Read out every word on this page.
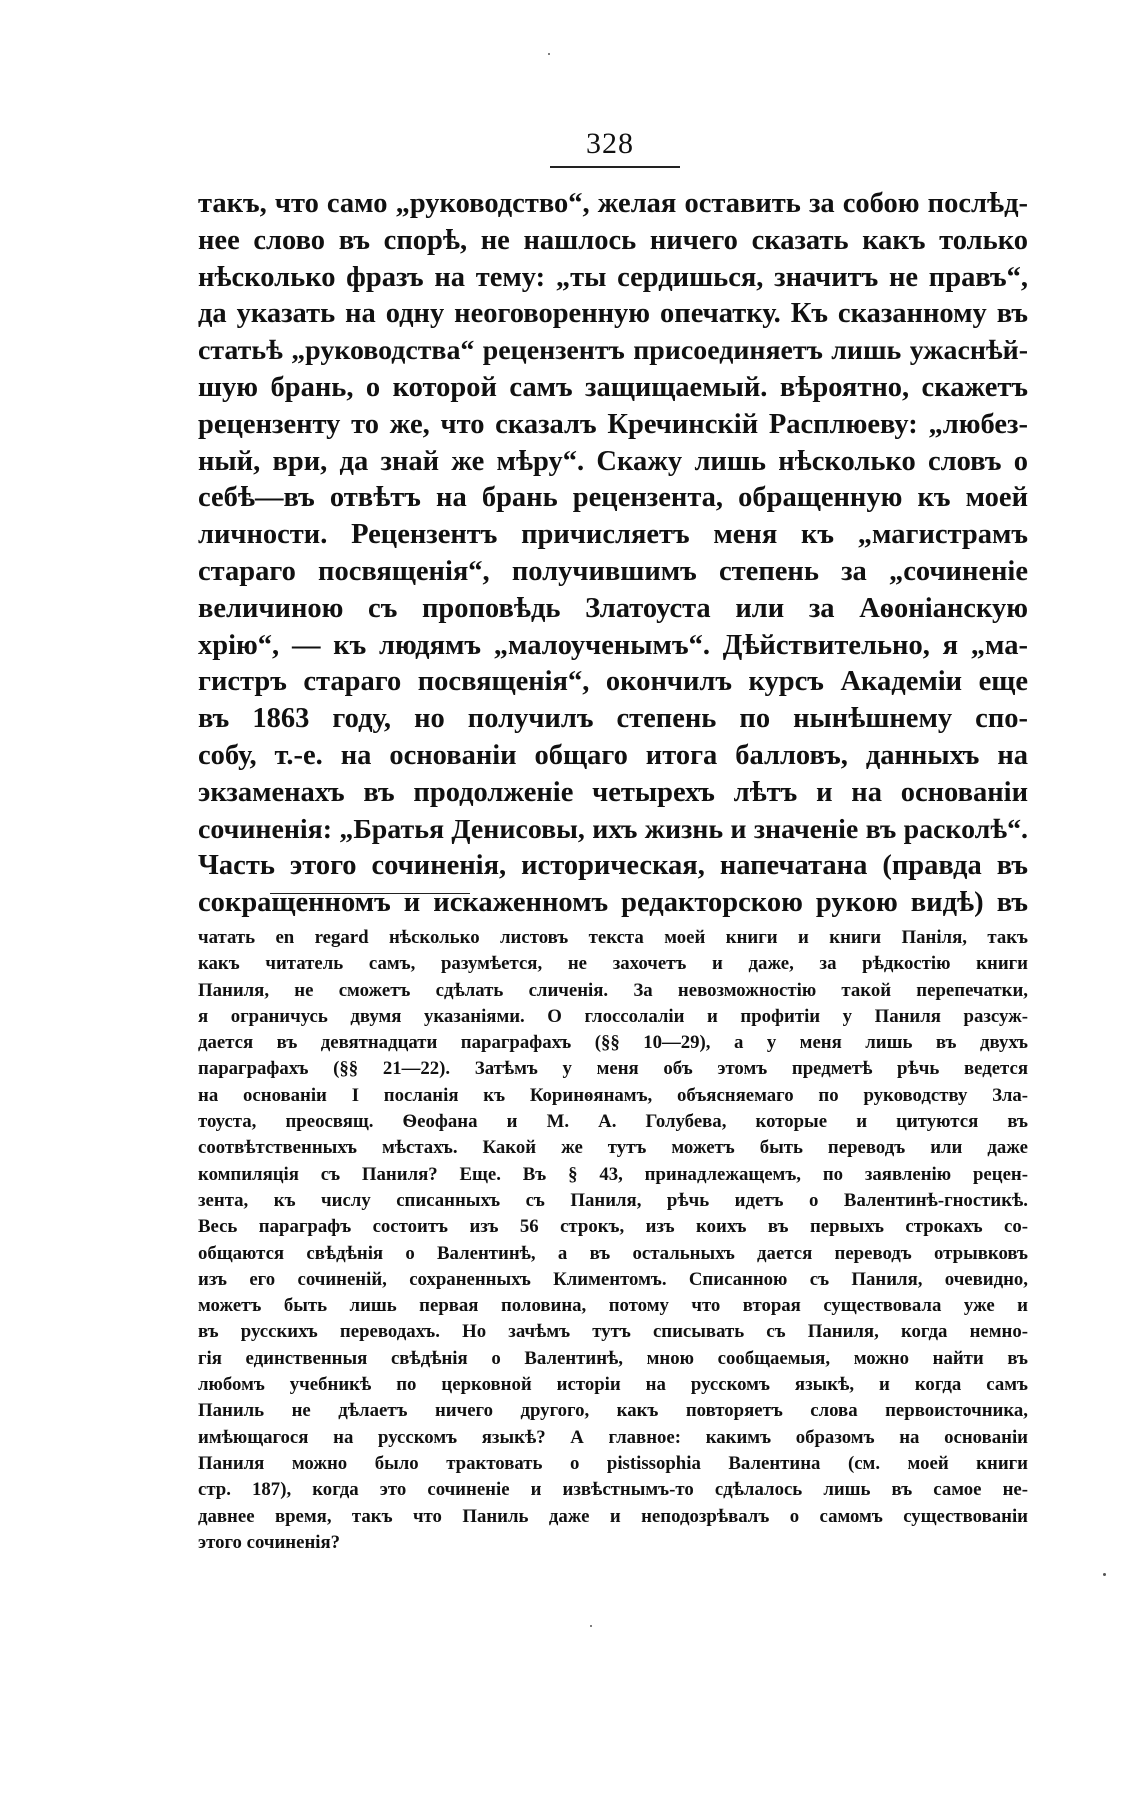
328
такъ, что само „руководство“, желая оставить за собою послѣд-
нее слово въ спорѣ, не нашлось ничего сказать какъ только
нѣсколько фразъ на тему: „ты сердишься, значитъ не правъ“,
да указать на одну неоговоренную опечатку. Къ сказанному въ
статьѣ „руководства“ рецензентъ присоединяетъ лишь ужаснѣй-
шую брань, о которой самъ защищаемый. вѣроятно, скажетъ
рецензенту то же, что сказалъ Кречинскій Расплюеву: „любез-
ный, ври, да знай же мѣру“. Скажу лишь нѣсколько словъ о
себѣ—въ отвѣтъ на брань рецензента, обращенную къ моей
личности. Рецензентъ причисляетъ меня къ „магистрамъ
стараго посвященія“, получившимъ степень за „сочиненіе
величиною съ проповѣдь Златоуста или за Аѳоніанскую
хрію“, — къ людямъ „малоученымъ“. Дѣйствительно, я „ма-
гистръ стараго посвященія“, окончилъ курсъ Академіи еще
въ 1863 году, но получилъ степень по нынѣшнему спо-
собу, т.-е. на основаніи общаго итога балловъ, данныхъ на
экзаменахъ въ продолженіе четырехъ лѣтъ и на основаніи
сочиненія: „Братья Денисовы, ихъ жизнь и значеніе въ расколѣ“.
Часть этого сочиненія, историческая, напечатана (правда въ
сокращенномъ и искаженномъ редакторскою рукою видѣ) въ
чатать en regard нѣсколько листовъ текста моей книги и книги Панiля, такъ
какъ читатель самъ, разумѣется, не захочетъ и даже, за рѣдкостію книги
Паниля, не сможетъ сдѣлать сличенія. За невозможностію такой перепечатки,
я ограничусь двумя указаніями. О глоссолаліи и профитіи у Паниля разсуж-
дается въ девятнадцати параграфахъ (§§ 10—29), а у меня лишь въ двухъ
параграфахъ (§§ 21—22). Затѣмъ у меня объ этомъ предметѣ рѣчь ведется
на основаніи I посланія къ Коринѳянамъ, объясняемаго по руководству Зла-
тоуста, преосвящ. Ѳеофана и М. А. Голубева, которые и цитуются въ
соотвѣтственныхъ мѣстахъ. Какой же тутъ можетъ быть переводъ или даже
компиляція съ Паниля? Еще. Въ § 43, принадлежащемъ, по заявленію рецен-
зента, къ числу списанныхъ съ Паниля, рѣчь идетъ о Валентинѣ-гностикѣ.
Весь параграфъ состоитъ изъ 56 строкъ, изъ коихъ въ первыхъ строкахъ со-
общаются свѣдѣнія о Валентинѣ, а въ остальныхъ дается переводъ отрывковъ
изъ его сочиненій, сохраненныхъ Климентомъ. Списанною съ Паниля, очевидно,
можетъ быть лишь первая половина, потому что вторая существовала уже и
въ русскихъ переводахъ. Но зачѣмъ тутъ списывать съ Паниля, когда немно-
гія единственныя свѣдѣнія о Валентинѣ, мною сообщаемыя, можно найти въ
любомъ учебникѣ по церковной исторіи на русскомъ языкѣ, и когда самъ
Паниль не дѣлаетъ ничего другого, какъ повторяетъ слова первоисточника,
имѣющагося на русскомъ языкѣ? А главное: какимъ образомъ на основаніи
Паниля можно было трактовать о pistissophia Валентина (см. моей книги
стр. 187), когда это сочиненіе и извѣстнымъ-то сдѣлалось лишь въ самое не-
давнее время, такъ что Паниль даже и неподозрѣвалъ о самомъ существованіи
этого сочиненія?
